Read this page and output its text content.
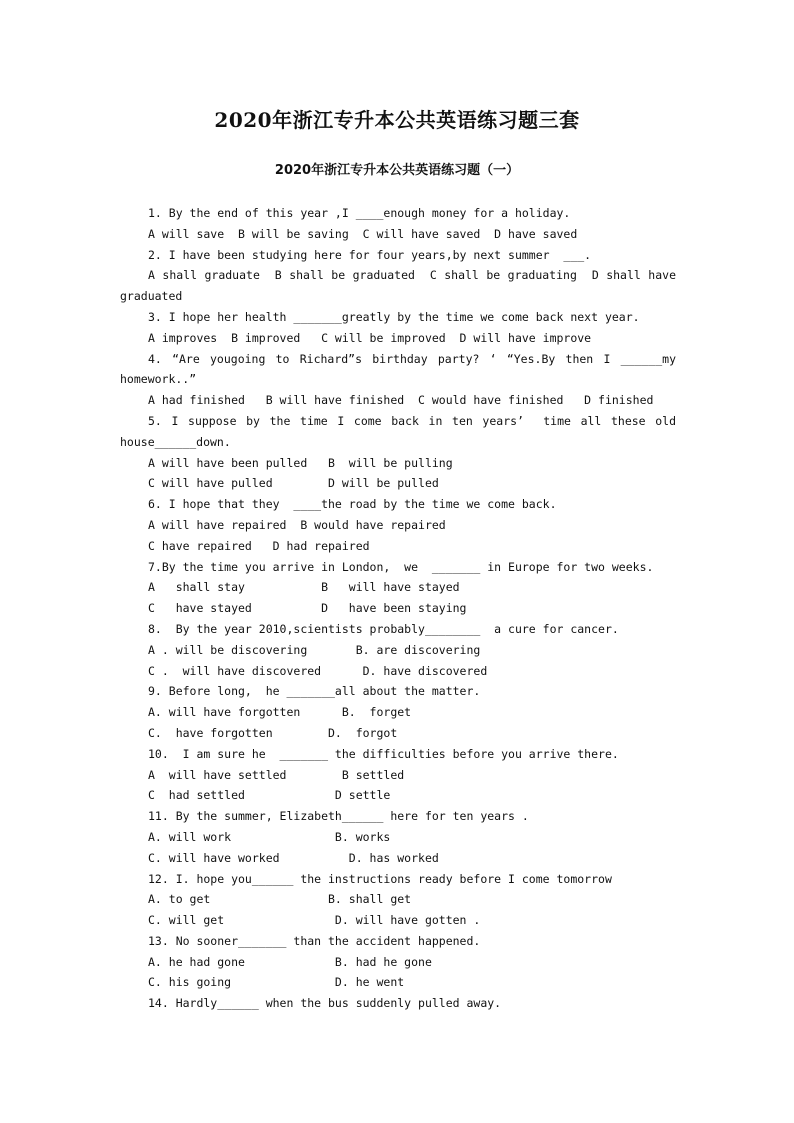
2020年浙江专升本公共英语练习题三套
2020年浙江专升本公共英语练习题（一）
1. By the end of this year ,I ____enough money for a holiday.
A will save  B will be saving  C will have saved  D have saved
2. I have been studying here for four years,by next summer  ___.
A shall graduate  B shall be graduated  C shall be graduating  D shall have
graduated
3. I hope her health _______greatly by the time we come back next year.
A improves  B improved   C will be improved  D will have improve
4. “Are yougoing to Richard”s birthday party? ‘ “Yes.By then I ______my
homework..”
A had finished   B will have finished  C would have finished   D finished
5. I suppose by the time I come back in ten years’  time all these old
house______down.
A will have been pulled   B  will be pulling
C will have pulled        D will be pulled
6. I hope that they  ____the road by the time we come back.
A will have repaired  B would have repaired
C have repaired   D had repaired
7.By the time you arrive in London,  we  _______ in Europe for two weeks.
A   shall stay           B   will have stayed
C   have stayed          D   have been staying
8.  By the year 2010,scientists probably________  a cure for cancer.
A . will be discovering       B. are discovering
C .  will have discovered      D. have discovered
9. Before long,  he _______all about the matter.
A. will have forgotten      B.  forget
C.  have forgotten        D.  forgot
10.  I am sure he  _______ the difficulties before you arrive there.
A  will have settled        B settled
C  had settled             D settle
11. By the summer, Elizabeth______ here for ten years .
A. will work               B. works
C. will have worked          D. has worked
12. I. hope you______ the instructions ready before I come tomorrow
A. to get                 B. shall get
C. will get                D. will have gotten .
13. No sooner_______ than the accident happened.
A. he had gone             B. had he gone
C. his going               D. he went
14. Hardly______ when the bus suddenly pulled away.
